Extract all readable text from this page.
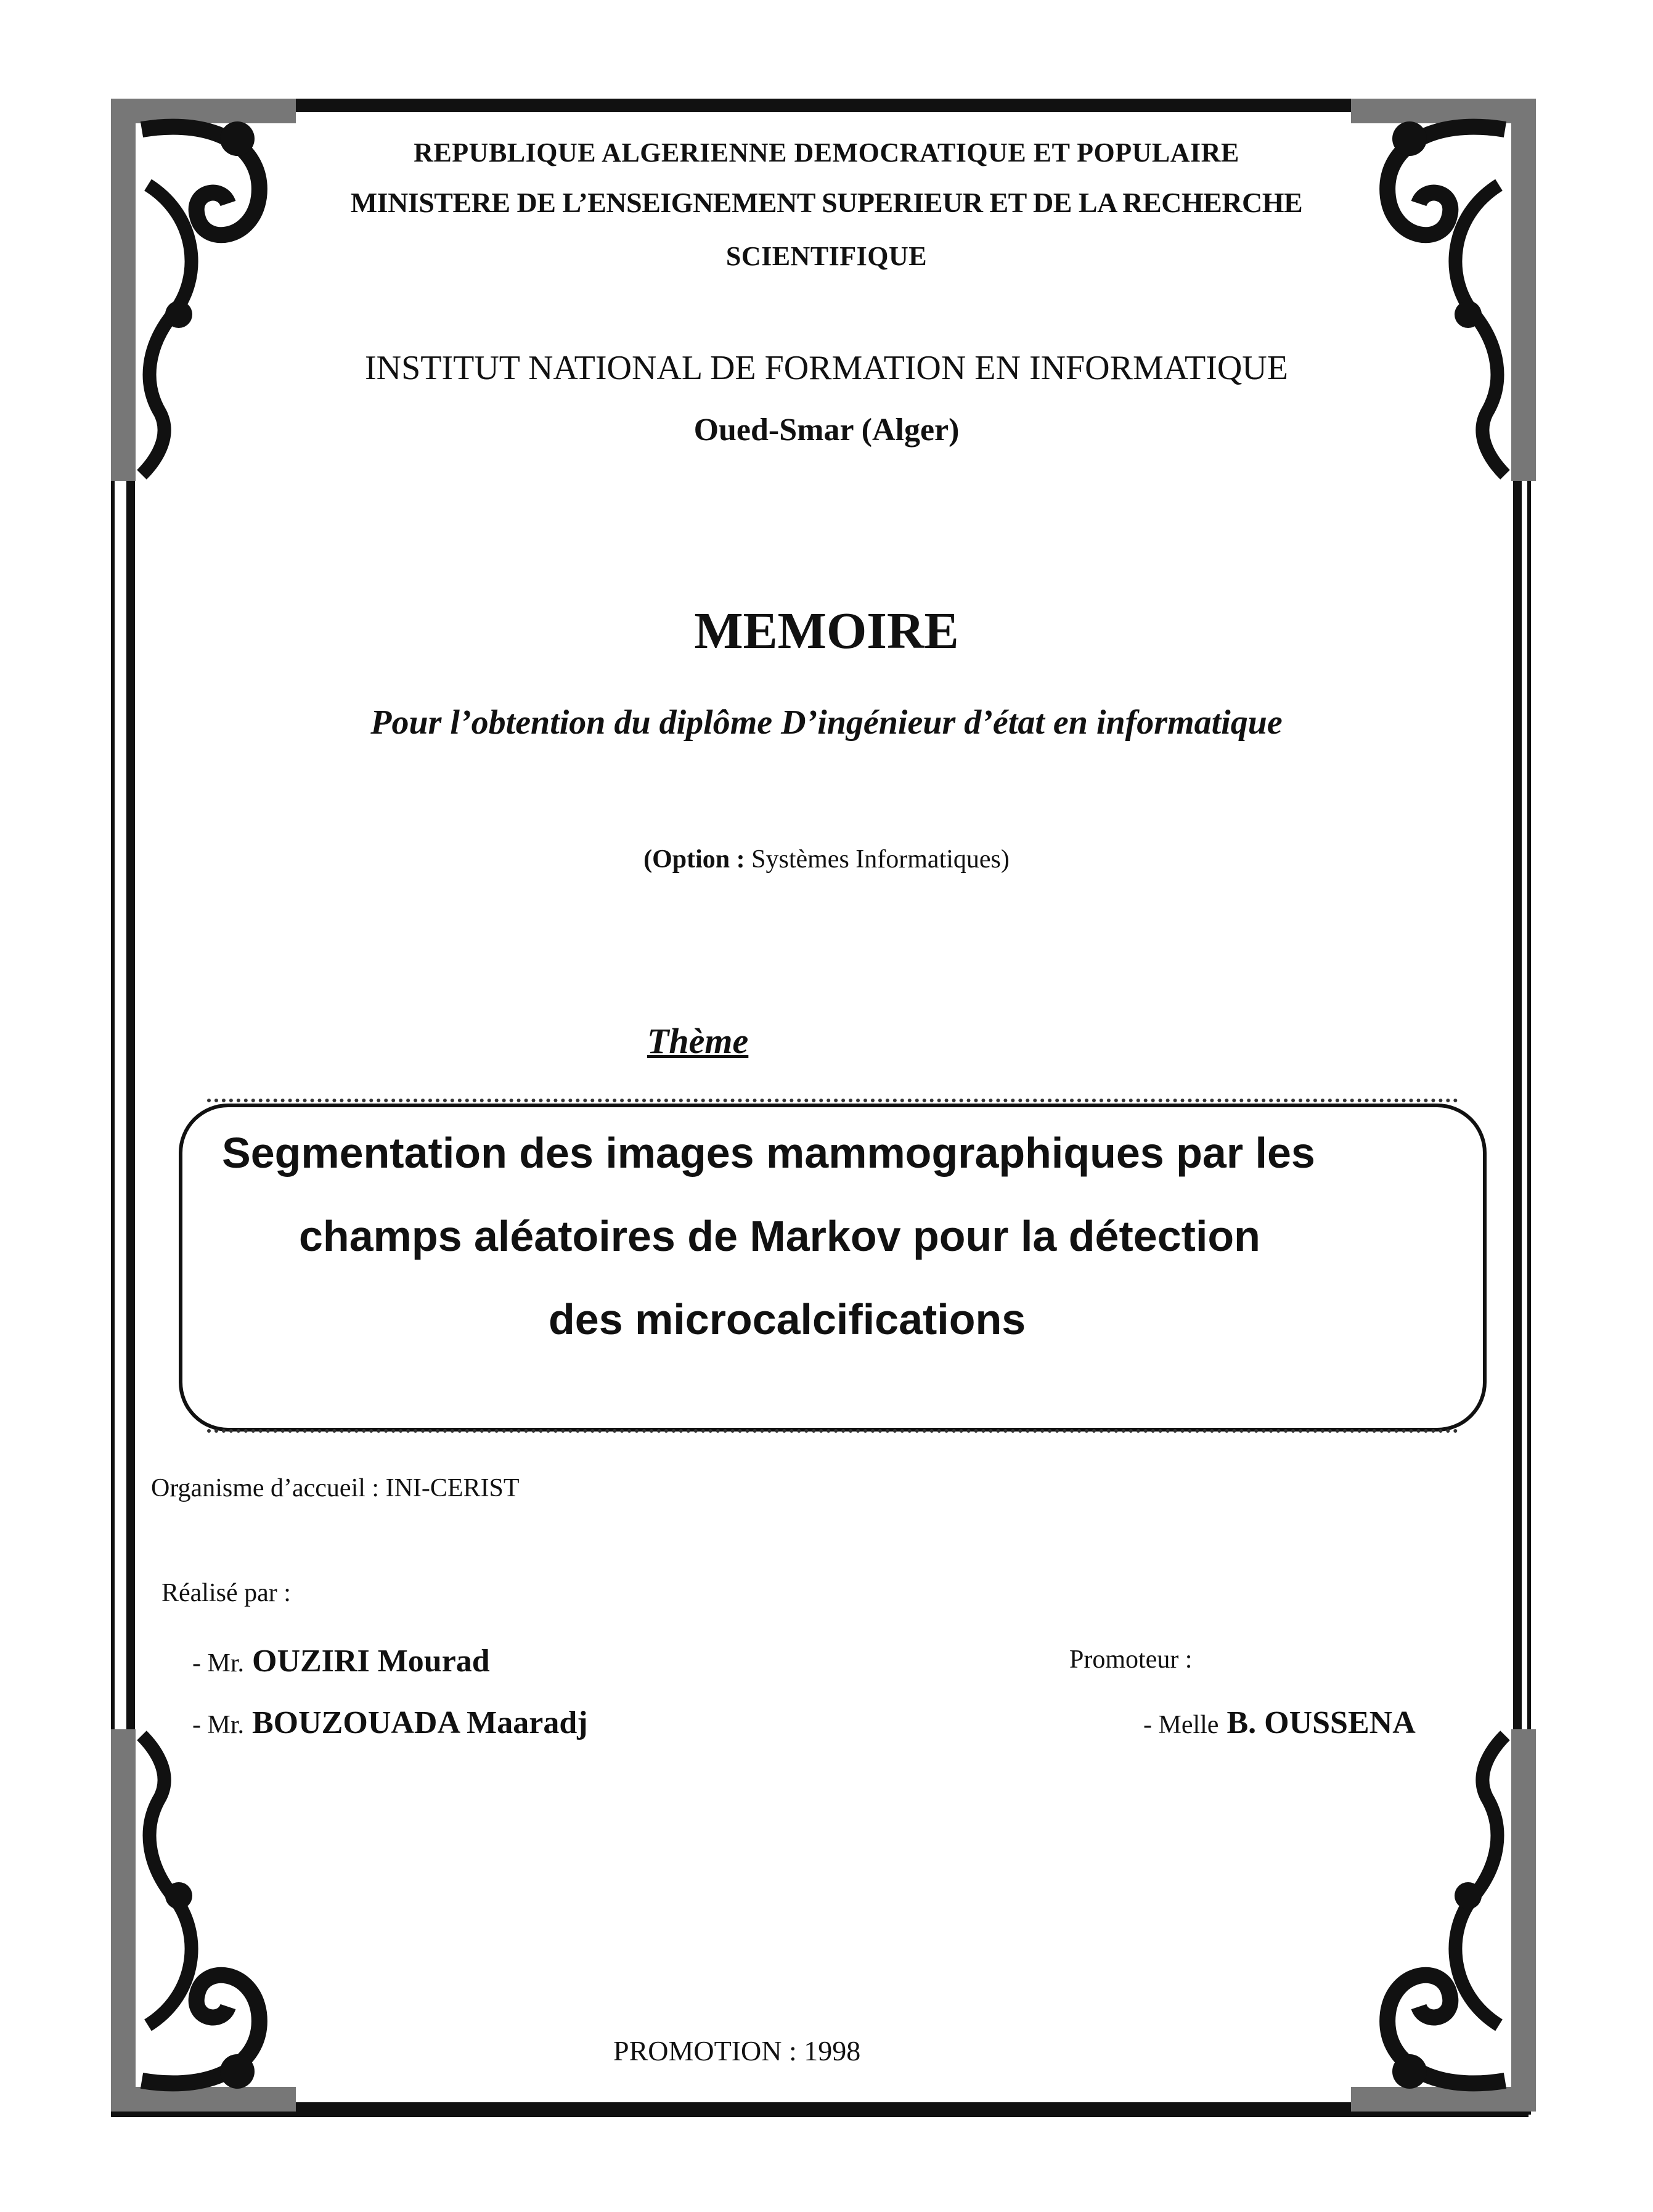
REPUBLIQUE ALGERIENNE DEMOCRATIQUE ET POPULAIRE
MINISTERE DE L’ENSEIGNEMENT SUPERIEUR ET DE LA RECHERCHE
SCIENTIFIQUE
INSTITUT NATIONAL DE FORMATION EN INFORMATIQUE
Oued-Smar (Alger)
MEMOIRE
Pour l’obtention du diplôme D’ingénieur d’état en informatique
(Option : Systèmes Informatiques)
Thème
Segmentation des images mammographiques par les
champs aléatoires de Markov pour la détection
des microcalcifications
Organisme d’accueil : INI-CERIST
Réalisé par :
- Mr. OUZIRI Mourad
- Mr. BOUZOUADA Maaradj
Promoteur :
- Melle B. OUSSENA
PROMOTION : 1998
